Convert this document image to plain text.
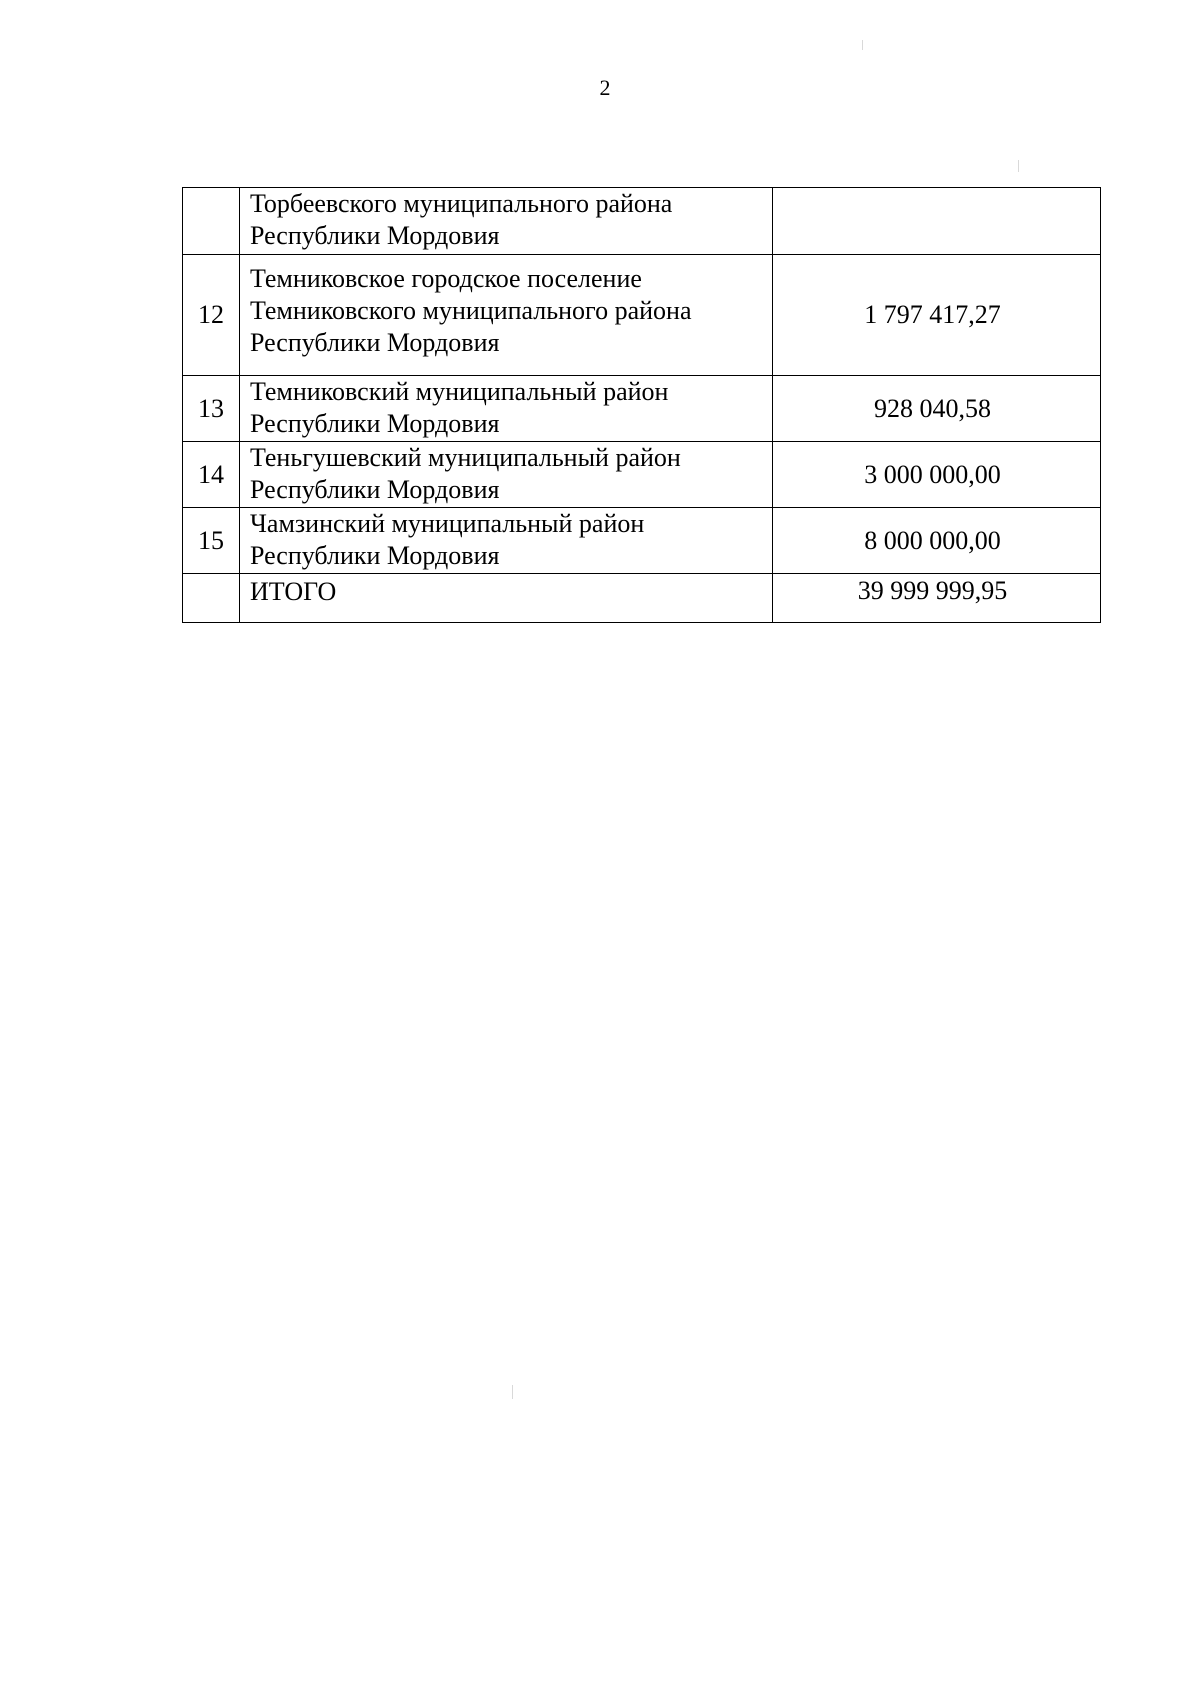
2
	Торбеевского муниципального района
Республики Мордовия	
12	Темниковское городское поселение
Темниковского муниципального района
Республики Мордовия	1 797 417,27
13	Темниковский муниципальный район
Республики Мордовия	928 040,58
14	Теньгушевский муниципальный район
Республики Мордовия	3 000 000,00
15	Чамзинский муниципальный район
Республики Мордовия	8 000 000,00
	ИТОГО	39 999 999,95
